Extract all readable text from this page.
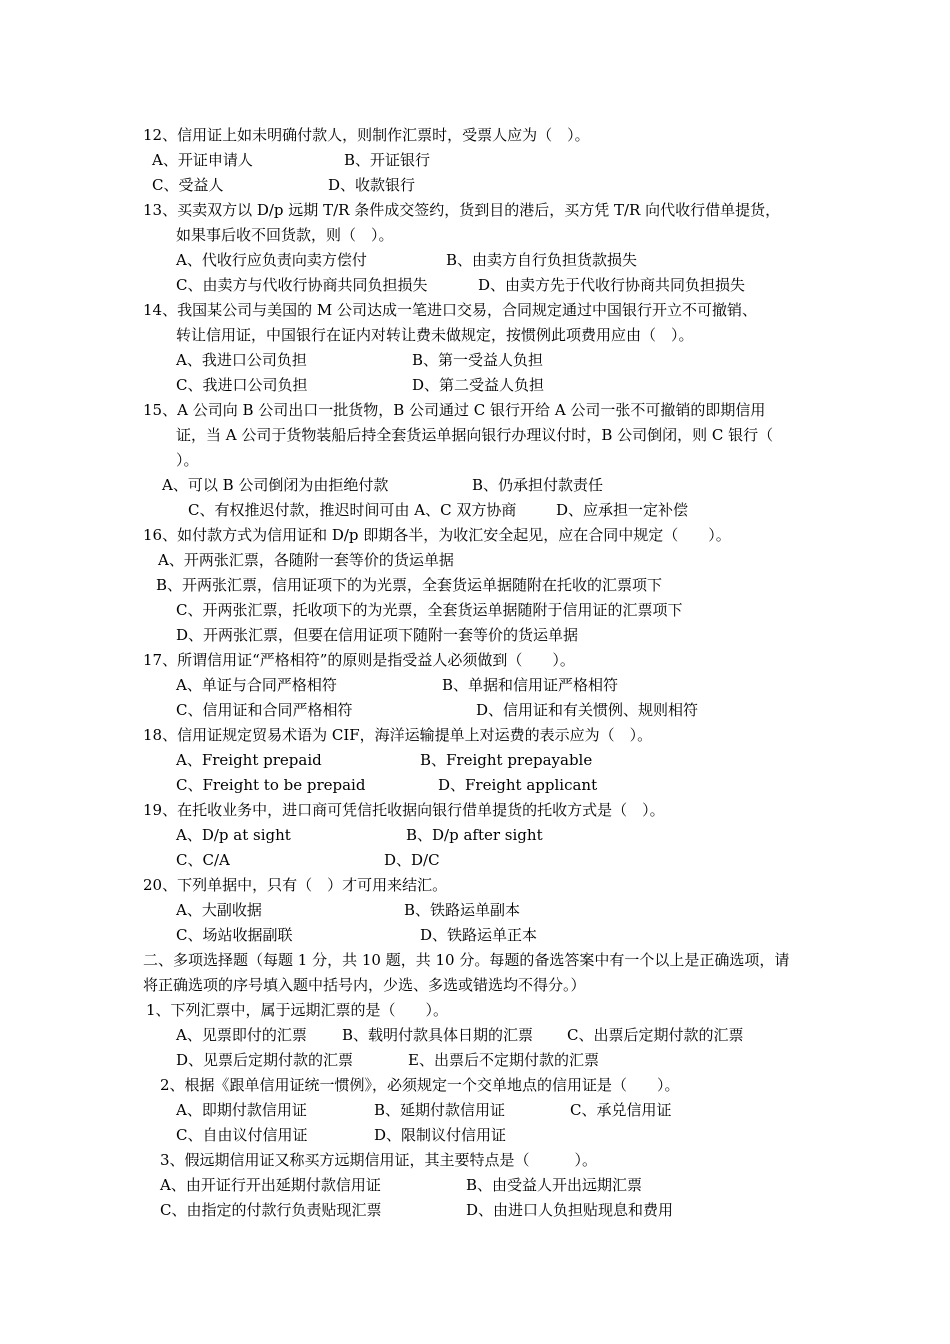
12、信用证上如未明确付款人，则制作汇票时，受票人应为（　）。
A、开证申请人	B、开证银行
C、受益人	D、收款银行
13、买卖双方以 D/p 远期 T/R 条件成交签约，货到目的港后，买方凭 T/R 向代收行借单提货，
如果事后收不回货款，则（　）。
A、代收行应负责向卖方偿付	B、由卖方自行负担货款损失
C、由卖方与代收行协商共同负担损失	D、由卖方先于代收行协商共同负担损失
14、我国某公司与美国的 M 公司达成一笔进口交易，合同规定通过中国银行开立不可撤销、
转让信用证，中国银行在证内对转让费未做规定，按惯例此项费用应由（　）。
A、我进口公司负担	B、第一受益人负担
C、我进口公司负担	D、第二受益人负担
15、A 公司向 B 公司出口一批货物，B 公司通过 C 银行开给 A 公司一张不可撤销的即期信用
证，当 A 公司于货物装船后持全套货运单据向银行办理议付时，B 公司倒闭，则 C 银行（
）。
A、可以 B 公司倒闭为由拒绝付款	B、仍承担付款责任
C、有权推迟付款，推迟时间可由 A、C 双方协商	D、应承担一定补偿
16、如付款方式为信用证和 D/p 即期各半，为收汇安全起见，应在合同中规定（　　）。
A、开两张汇票，各随附一套等价的货运单据
B、开两张汇票，信用证项下的为光票，全套货运单据随附在托收的汇票项下
C、开两张汇票，托收项下的为光票，全套货运单据随附于信用证的汇票项下
D、开两张汇票，但要在信用证项下随附一套等价的货运单据
17、所谓信用证“严格相符”的原则是指受益人必须做到（　　）。
A、单证与合同严格相符	B、单据和信用证严格相符
C、信用证和合同严格相符	D、信用证和有关惯例、规则相符
18、信用证规定贸易术语为 CIF，海洋运输提单上对运费的表示应为（　）。
A、Freight prepaid	B、Freight prepayable
C、Freight to be prepaid	D、Freight applicant
19、在托收业务中，进口商可凭信托收据向银行借单提货的托收方式是（　）。
A、D/p at sight	B、D/p after sight
C、C/A	D、D/C
20、下列单据中，只有（　）才可用来结汇。
A、大副收据	B、铁路运单副本
C、场站收据副联	D、铁路运单正本
二、多项选择题（每题 1 分，共 10 题，共 10 分。每题的备选答案中有一个以上是正确选项，请
将正确选项的序号填入题中括号内，少选、多选或错选均不得分。）
1、下列汇票中，属于远期汇票的是（　　）。
A、见票即付的汇票 B、载明付款具体日期的汇票 C、出票后定期付款的汇票
D、见票后定期付款的汇票	E、出票后不定期付款的汇票
2、根据《跟单信用证统一惯例》，必须规定一个交单地点的信用证是（　　）。
A、即期付款信用证	B、延期付款信用证	C、承兑信用证
C、自由议付信用证	D、限制议付信用证
3、假远期信用证又称买方远期信用证，其主要特点是（　　　）。
A、由开证行开出延期付款信用证	B、由受益人开出远期汇票
C、由指定的付款行负责贴现汇票	D、由进口人负担贴现息和费用
